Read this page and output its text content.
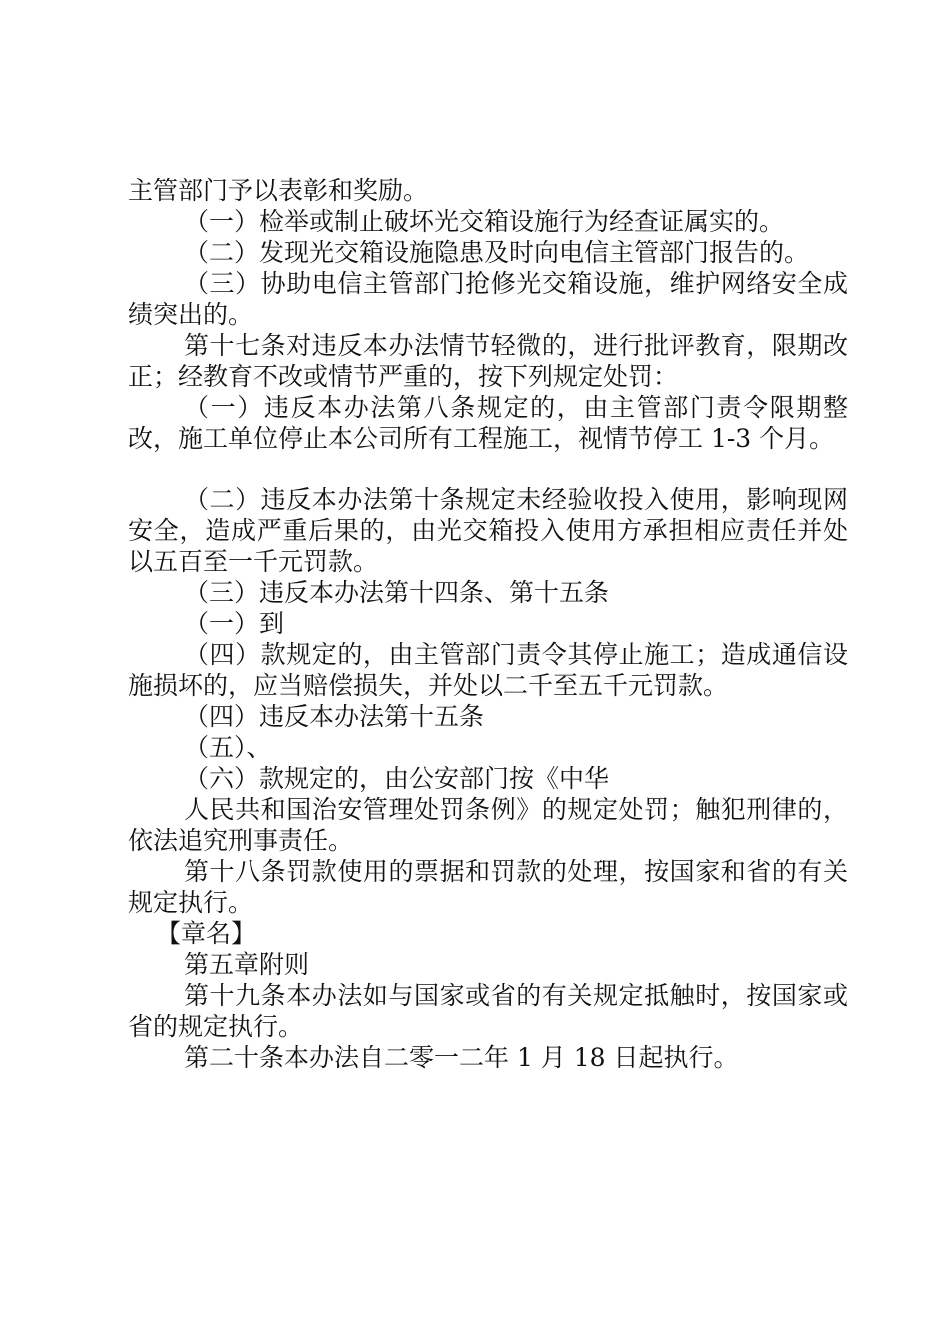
主管部门予以表彰和奖励。

（一）检举或制止破坏光交箱设施行为经查证属实的。

（二）发现光交箱设施隐患及时向电信主管部门报告的。

（三）协助电信主管部门抢修光交箱设施，维护网络安全成绩突出的。

第十七条对违反本办法情节轻微的，进行批评教育，限期改正；经教育不改或情节严重的，按下列规定处罚：

（一）违反本办法第八条规定的，由主管部门责令限期整改，施工单位停止本公司所有工程施工，视情节停工 1-3 个月。

（二）违反本办法第十条规定未经验收投入使用，影响现网安全，造成严重后果的，由光交箱投入使用方承担相应责任并处以五百至一千元罚款。

（三）违反本办法第十四条、第十五条

（一）到

（四）款规定的，由主管部门责令其停止施工；造成通信设施损坏的，应当赔偿损失，并处以二千至五千元罚款。

（四）违反本办法第十五条

（五）、

（六）款规定的，由公安部门按《中华

人民共和国治安管理处罚条例》的规定处罚；触犯刑律的，依法追究刑事责任。

第十八条罚款使用的票据和罚款的处理，按国家和省的有关规定执行。

【章名】

第五章附则

第十九条本办法如与国家或省的有关规定抵触时，按国家或省的规定执行。

第二十条本办法自二零一二年 1 月 18 日起执行。
